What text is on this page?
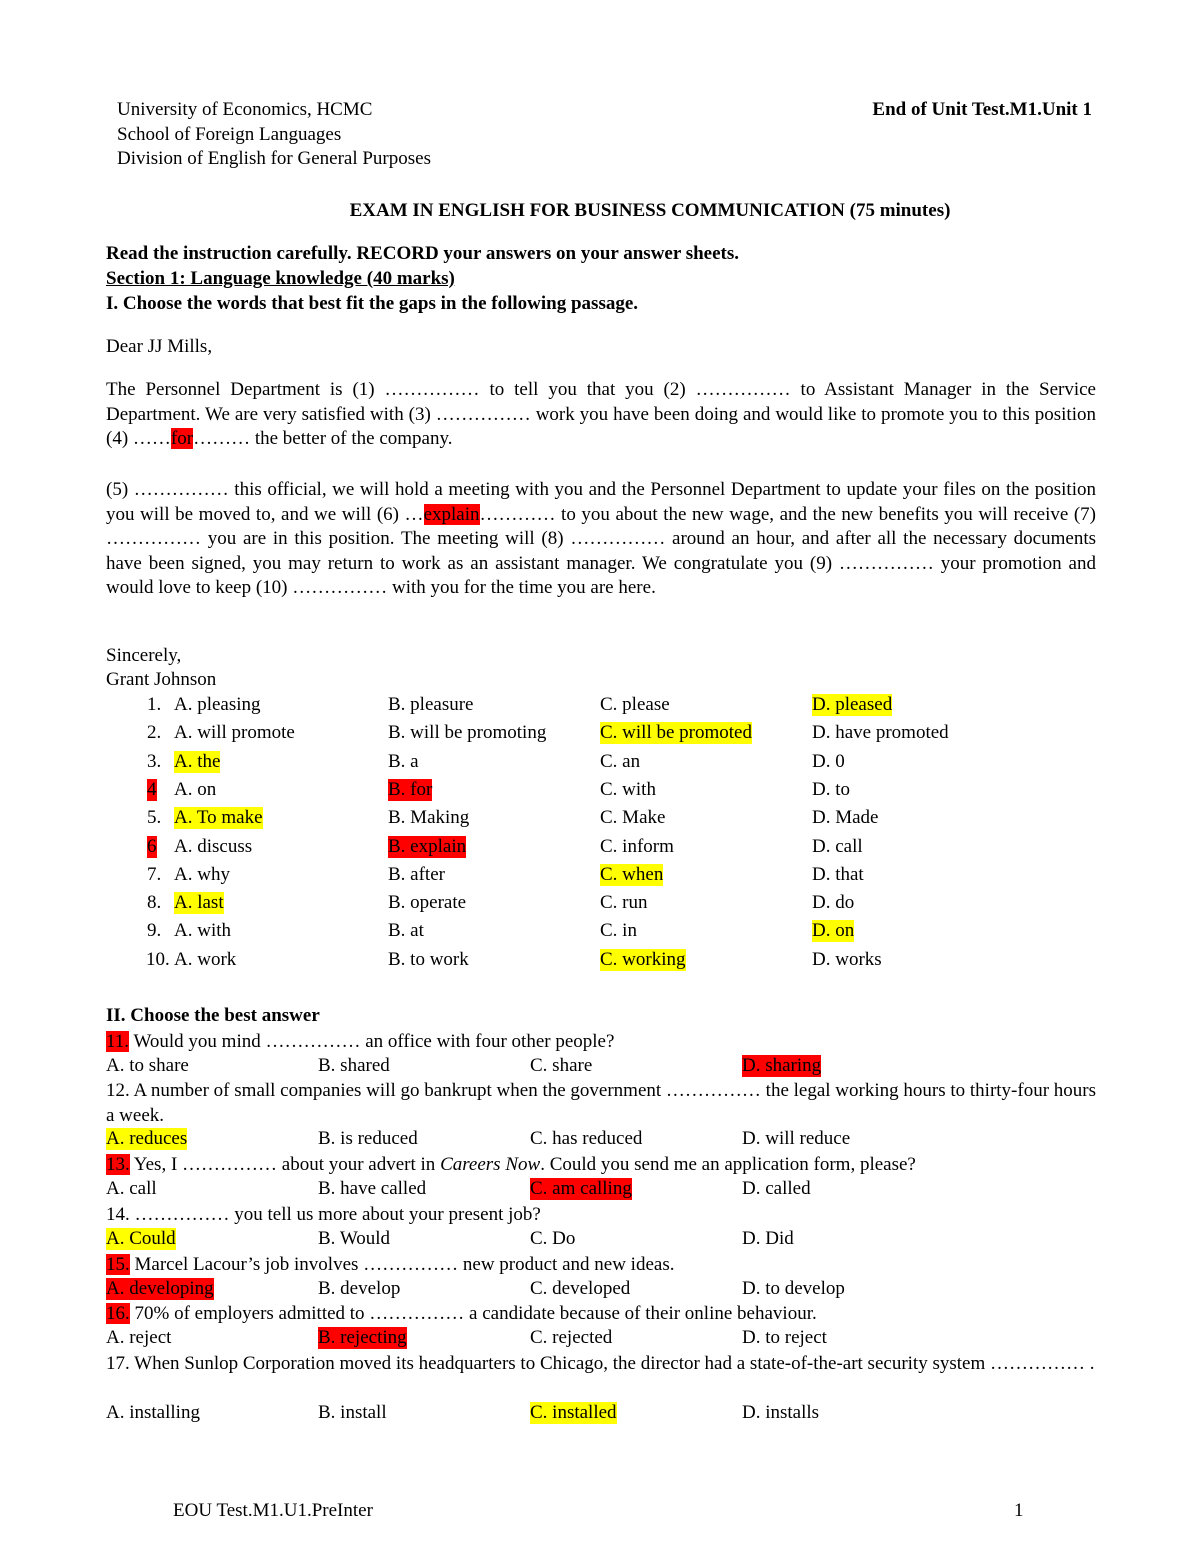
University of Economics, HCMC
School of Foreign Languages
Division of English for General Purposes
End of Unit Test.M1.Unit 1
EXAM IN ENGLISH FOR BUSINESS COMMUNICATION (75 minutes)
Read the instruction carefully. RECORD your answers on your answer sheets.
Section 1: Language knowledge (40 marks)
I. Choose the words that best fit the gaps in the following passage.
Dear JJ Mills,
The Personnel Department is (1) …………… to tell you that you (2) …………… to Assistant Manager in the Service Department. We are very satisfied with (3) …………… work you have been doing and would like to promote you to this position (4) ……for……… the better of the company.
(5) …………… this official, we will hold a meeting with you and the Personnel Department to update your files on the position you will be moved to, and we will (6) …explain………… to you about the new wage, and the new benefits you will receive (7) …………… you are in this position. The meeting will (8) …………… around an hour, and after all the necessary documents have been signed, you may return to work as an assistant manager. We congratulate you (9) …………… your promotion and would love to keep (10) …………… with you for the time you are here.
Sincerely,
Grant Johnson
1. A. pleasing	B. pleasure	C. please	D. pleased
2. A. will promote	B. will be promoting	C. will be promoted	D. have promoted
3. A. the	B. a	C. an	D. 0
4 A. on	B. for	C. with	D. to
5. A. To make	B. Making	C. Make	D. Made
6 A. discuss	B. explain	C. inform	D. call
7. A. why	B. after	C. when	D. that
8. A. last	B. operate	C. run	D. do
9. A. with	B. at	C. in	D. on
10. A. work	B. to work	C. working	D. works
II. Choose the best answer
11. Would you mind …………… an office with four other people?
A. to share	B. shared	C. share	D. sharing
12. A number of small companies will go bankrupt when the government …………… the legal working hours to thirty-four hours a week.
A. reduces	B. is reduced	C. has reduced	D. will reduce
13. Yes, I …………… about your advert in Careers Now. Could you send me an application form, please?
A. call	B. have called	C. am calling	D. called
14. …………… you tell us more about your present job?
A. Could	B. Would	C. Do	D. Did
15. Marcel Lacour’s job involves …………… new product and new ideas.
A. developing	B. develop	C. developed	D. to develop
16. 70% of employers admitted to …………… a candidate because of their online behaviour.
A. reject	B. rejecting	C. rejected	D. to reject
17. When Sunlop Corporation moved its headquarters to Chicago, the director had a state-of-the-art security system …………… .
A. installing	B. install	C. installed	D. installs
EOU Test.M1.U1.PreInter	1
